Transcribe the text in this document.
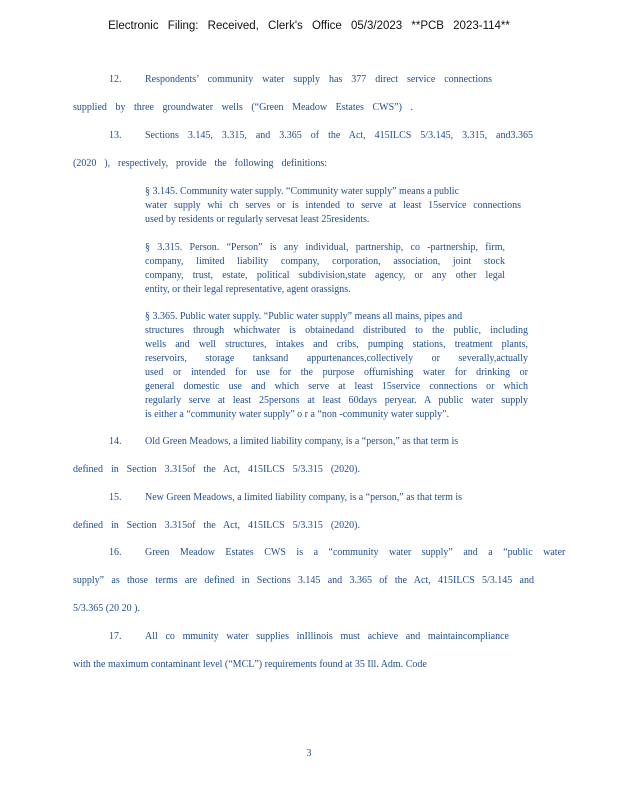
Electronic Filing: Received, Clerk's Office 05/3/2023 **PCB 2023-114**
12. Respondents’ community water supply has 377 direct service connections
supplied by three groundwater wells (“Green Meadow Estates CWS”) .
13. Sections 3.145, 3.315, and 3.365 of the Act, 415ILCS 5/3.145, 3.315, and3.365
(2020 ), respectively, provide the following definitions:
§ 3.145. Community water supply. “Community water supply” means a public
water supply whi ch serves or is intended to serve at least 15service connections
used by residents or regularly servesat least 25residents.
§ 3.315. Person. “Person” is any individual, partnership, co -partnership, firm,
company, limited liability company, corporation, association, joint stock
company, trust, estate, political subdivision,state agency, or any other legal
entity, or their legal representative, agent orassigns.
§ 3.365. Public water supply. “Public water supply” means all mains, pipes and
structures through whichwater is obtainedand distributed to the public, including
wells and well structures, intakes and cribs, pumping stations, treatment plants,
reservoirs, storage tanksand appurtenances,collectively or severally,actually
used or intended for use for the purpose offurnishing water for drinking or
general domestic use and which serve at least 15service connections or which
regularly serve at least 25persons at least 60days peryear. A public water supply
is either a “community water supply” o r a “non -community water supply”.
14. Old Green Meadows, a limited liability company, is a “person,” as that term is
defined in Section 3.315of the Act, 415ILCS 5/3.315 (2020).
15. New Green Meadows, a limited liability company, is a “person,” as that term is
defined in Section 3.315of the Act, 415ILCS 5/3.315 (2020).
16. Green Meadow Estates CWS is a “community water supply” and a “public water
supply” as those terms are defined in Sections 3.145 and 3.365 of the Act, 415ILCS 5/3.145 and
5/3.365 (20 20 ).
17. All co mmunity water supplies inIllinois must achieve and maintaincompliance
with the maximum contaminant level (“MCL”) requirements found at 35 Ill. Adm. Code
3
